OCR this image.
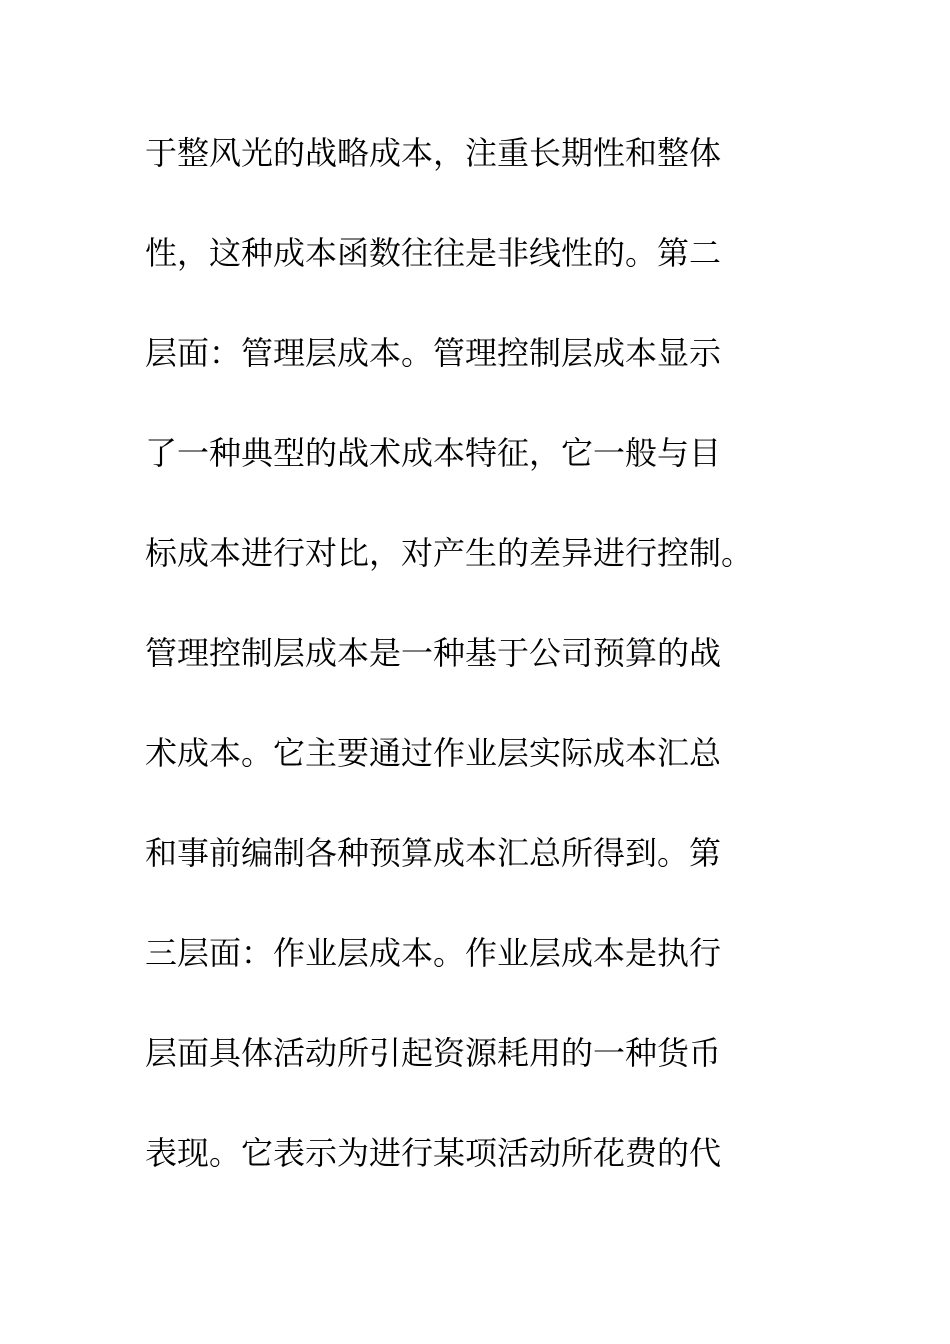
于整风光的战略成本，注重长期性和整体
性，这种成本函数往往是非线性的。第二
层面：管理层成本。管理控制层成本显示
了一种典型的战术成本特征，它一般与目
标成本进行对比，对产生的差异进行控制。
管理控制层成本是一种基于公司预算的战
术成本。它主要通过作业层实际成本汇总
和事前编制各种预算成本汇总所得到。第
三层面：作业层成本。作业层成本是执行
层面具体活动所引起资源耗用的一种货币
表现。它表示为进行某项活动所花费的代
